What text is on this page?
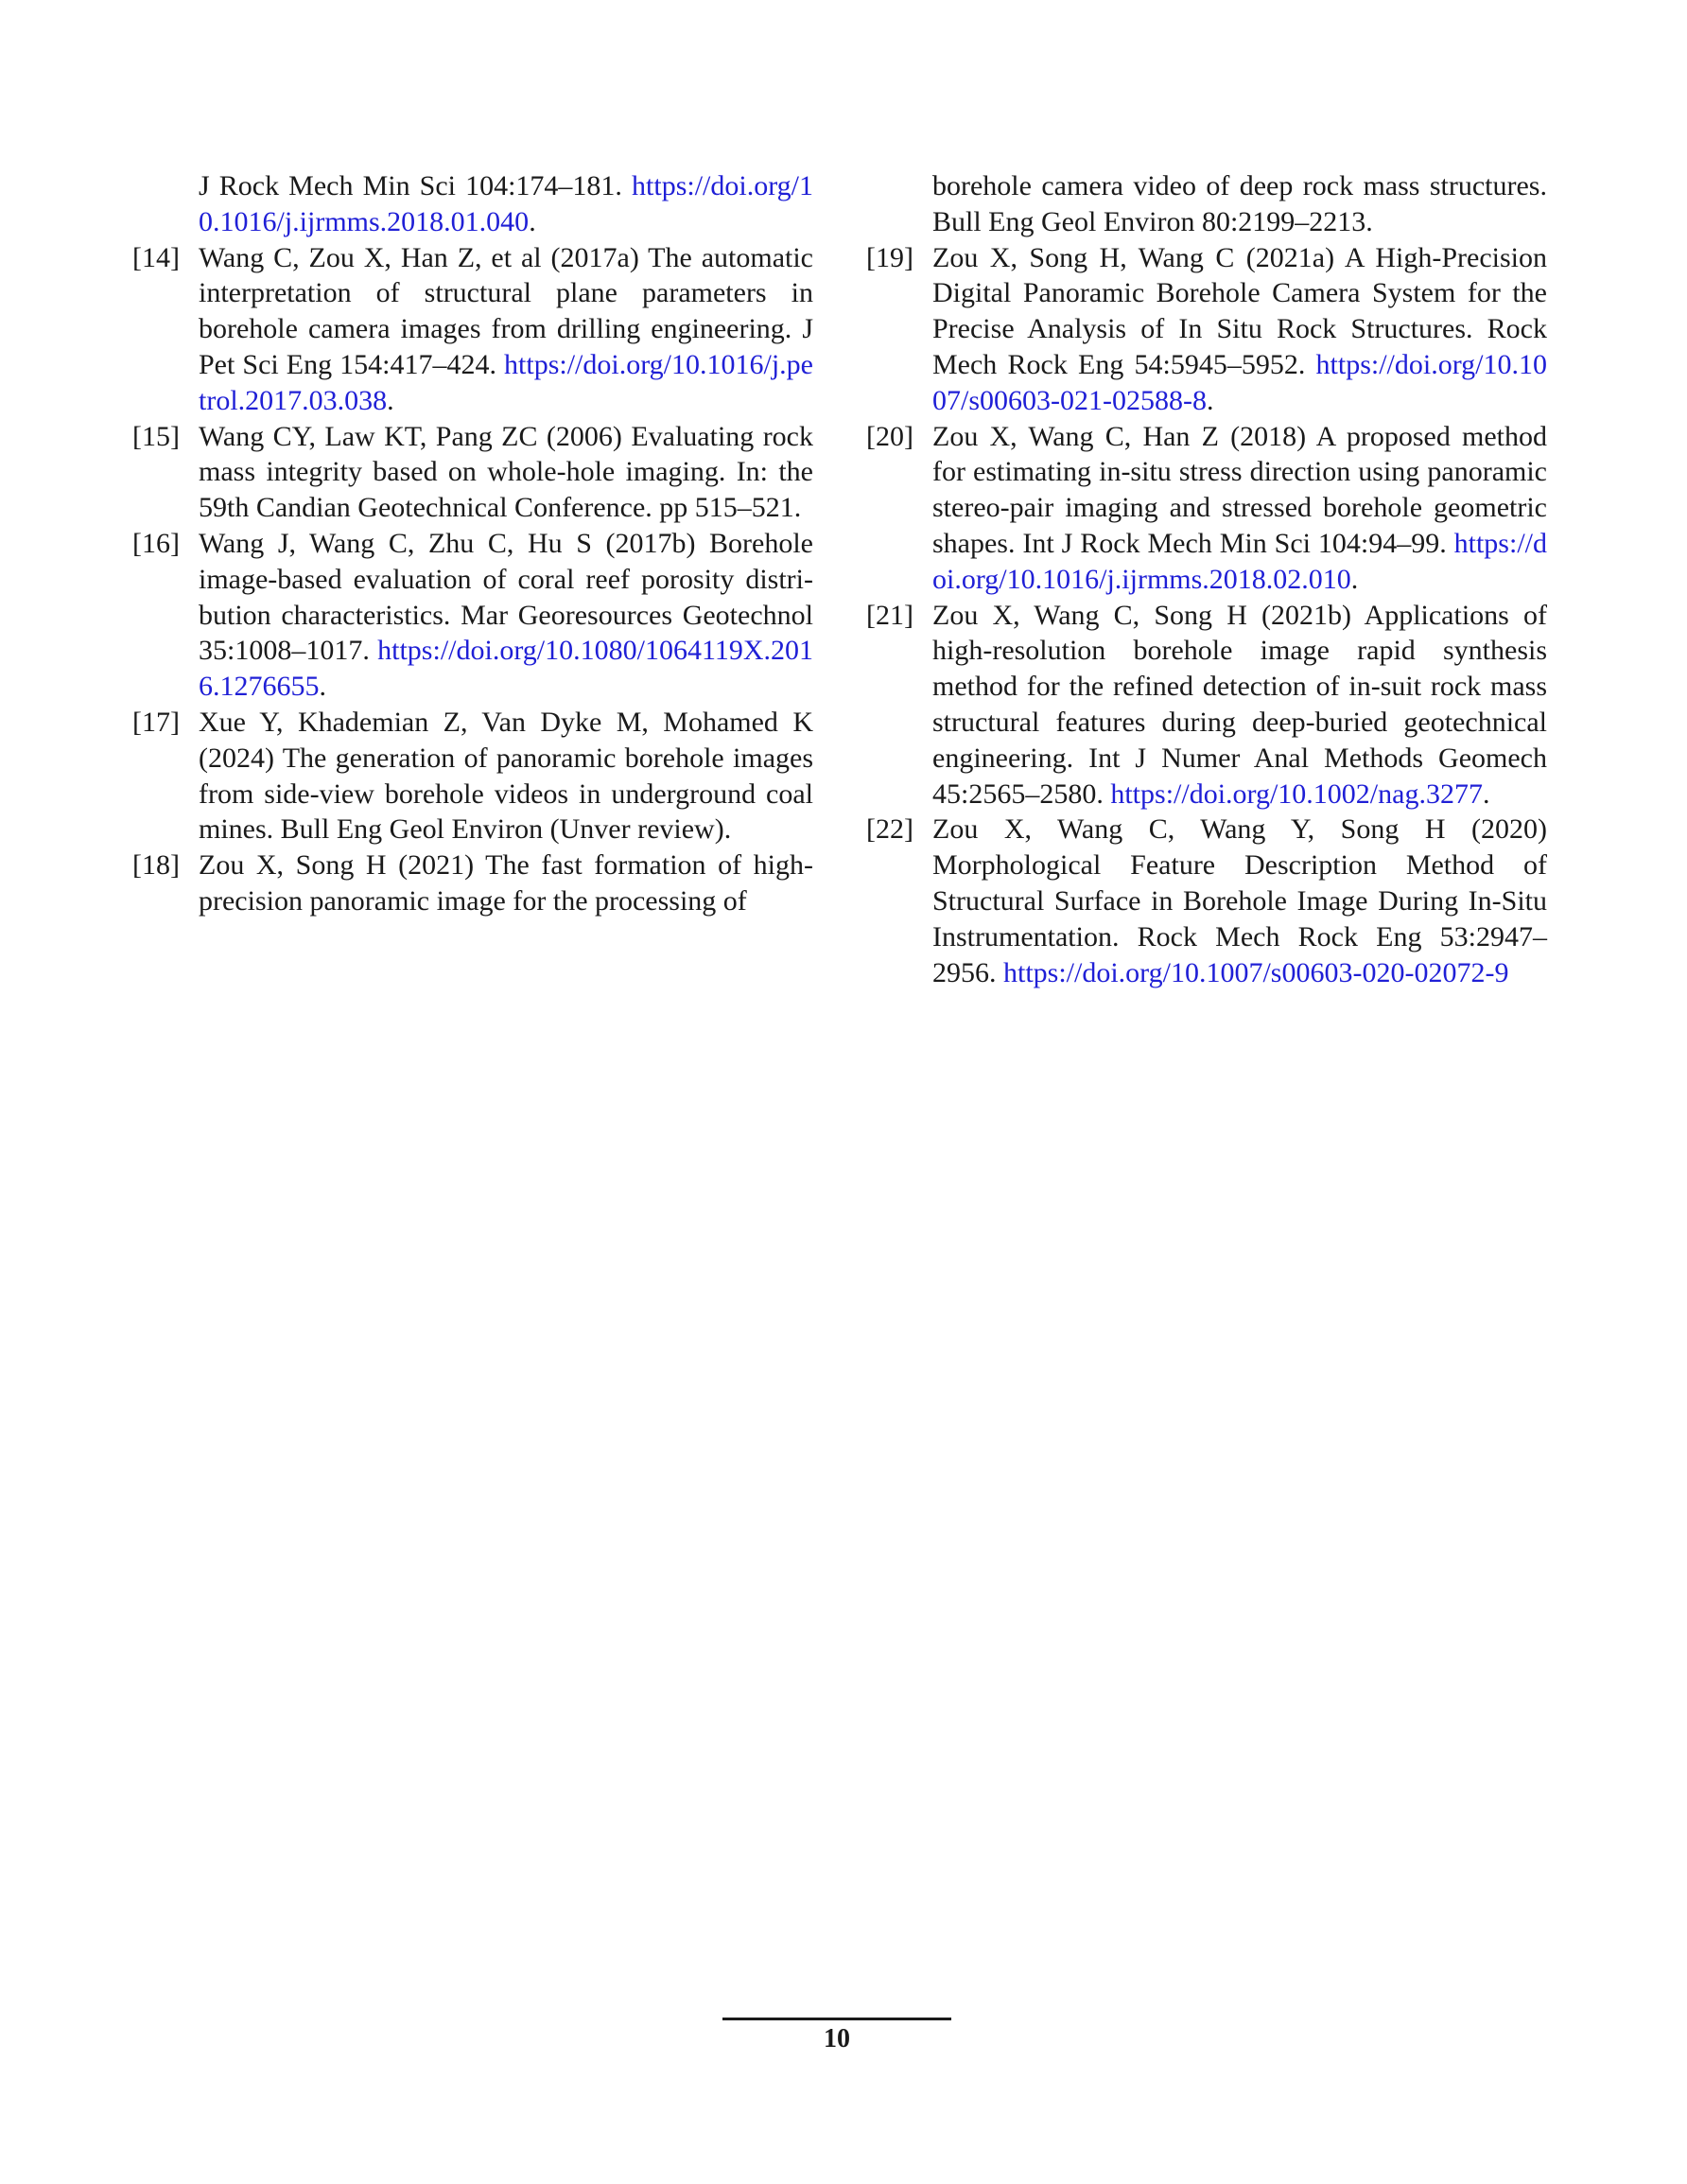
J Rock Mech Min Sci 104:174–181. https://doi.org/10.1016/j.ijrmms.2018.01.040.
[14] Wang C, Zou X, Han Z, et al (2017a) The automatic interpretation of structural plane parameters in borehole camera images from drilling engineering. J Pet Sci Eng 154:417–424. https://doi.org/10.1016/j.petrol.2017.03.038.
[15] Wang CY, Law KT, Pang ZC (2006) Evaluating rock mass integrity based on whole-hole imaging. In: the 59th Candian Geotechnical Conference. pp 515–521.
[16] Wang J, Wang C, Zhu C, Hu S (2017b) Borehole image-based evaluation of coral reef porosity distribution characteristics. Mar Georesources Geotechnol 35:1008–1017. https://doi.org/10.1080/1064119X.2016.1276655.
[17] Xue Y, Khademian Z, Van Dyke M, Mohamed K (2024) The generation of panoramic borehole images from side-view borehole videos in underground coal mines. Bull Eng Geol Environ (Unver review).
[18] Zou X, Song H (2021) The fast formation of high-precision panoramic image for the processing of
borehole camera video of deep rock mass structures. Bull Eng Geol Environ 80:2199–2213.
[19] Zou X, Song H, Wang C (2021a) A High-Precision Digital Panoramic Borehole Camera System for the Precise Analysis of In Situ Rock Structures. Rock Mech Rock Eng 54:5945–5952. https://doi.org/10.1007/s00603-021-02588-8.
[20] Zou X, Wang C, Han Z (2018) A proposed method for estimating in-situ stress direction using panoramic stereo-pair imaging and stressed borehole geometric shapes. Int J Rock Mech Min Sci 104:94–99. https://doi.org/10.1016/j.ijrmms.2018.02.010.
[21] Zou X, Wang C, Song H (2021b) Applications of high-resolution borehole image rapid synthesis method for the refined detection of in-suit rock mass structural features during deep-buried geotechnical engineering. Int J Numer Anal Methods Geomech 45:2565–2580. https://doi.org/10.1002/nag.3277.
[22] Zou X, Wang C, Wang Y, Song H (2020) Morphological Feature Description Method of Structural Surface in Borehole Image During In-Situ Instrumentation. Rock Mech Rock Eng 53:2947–2956. https://doi.org/10.1007/s00603-020-02072-9
10
